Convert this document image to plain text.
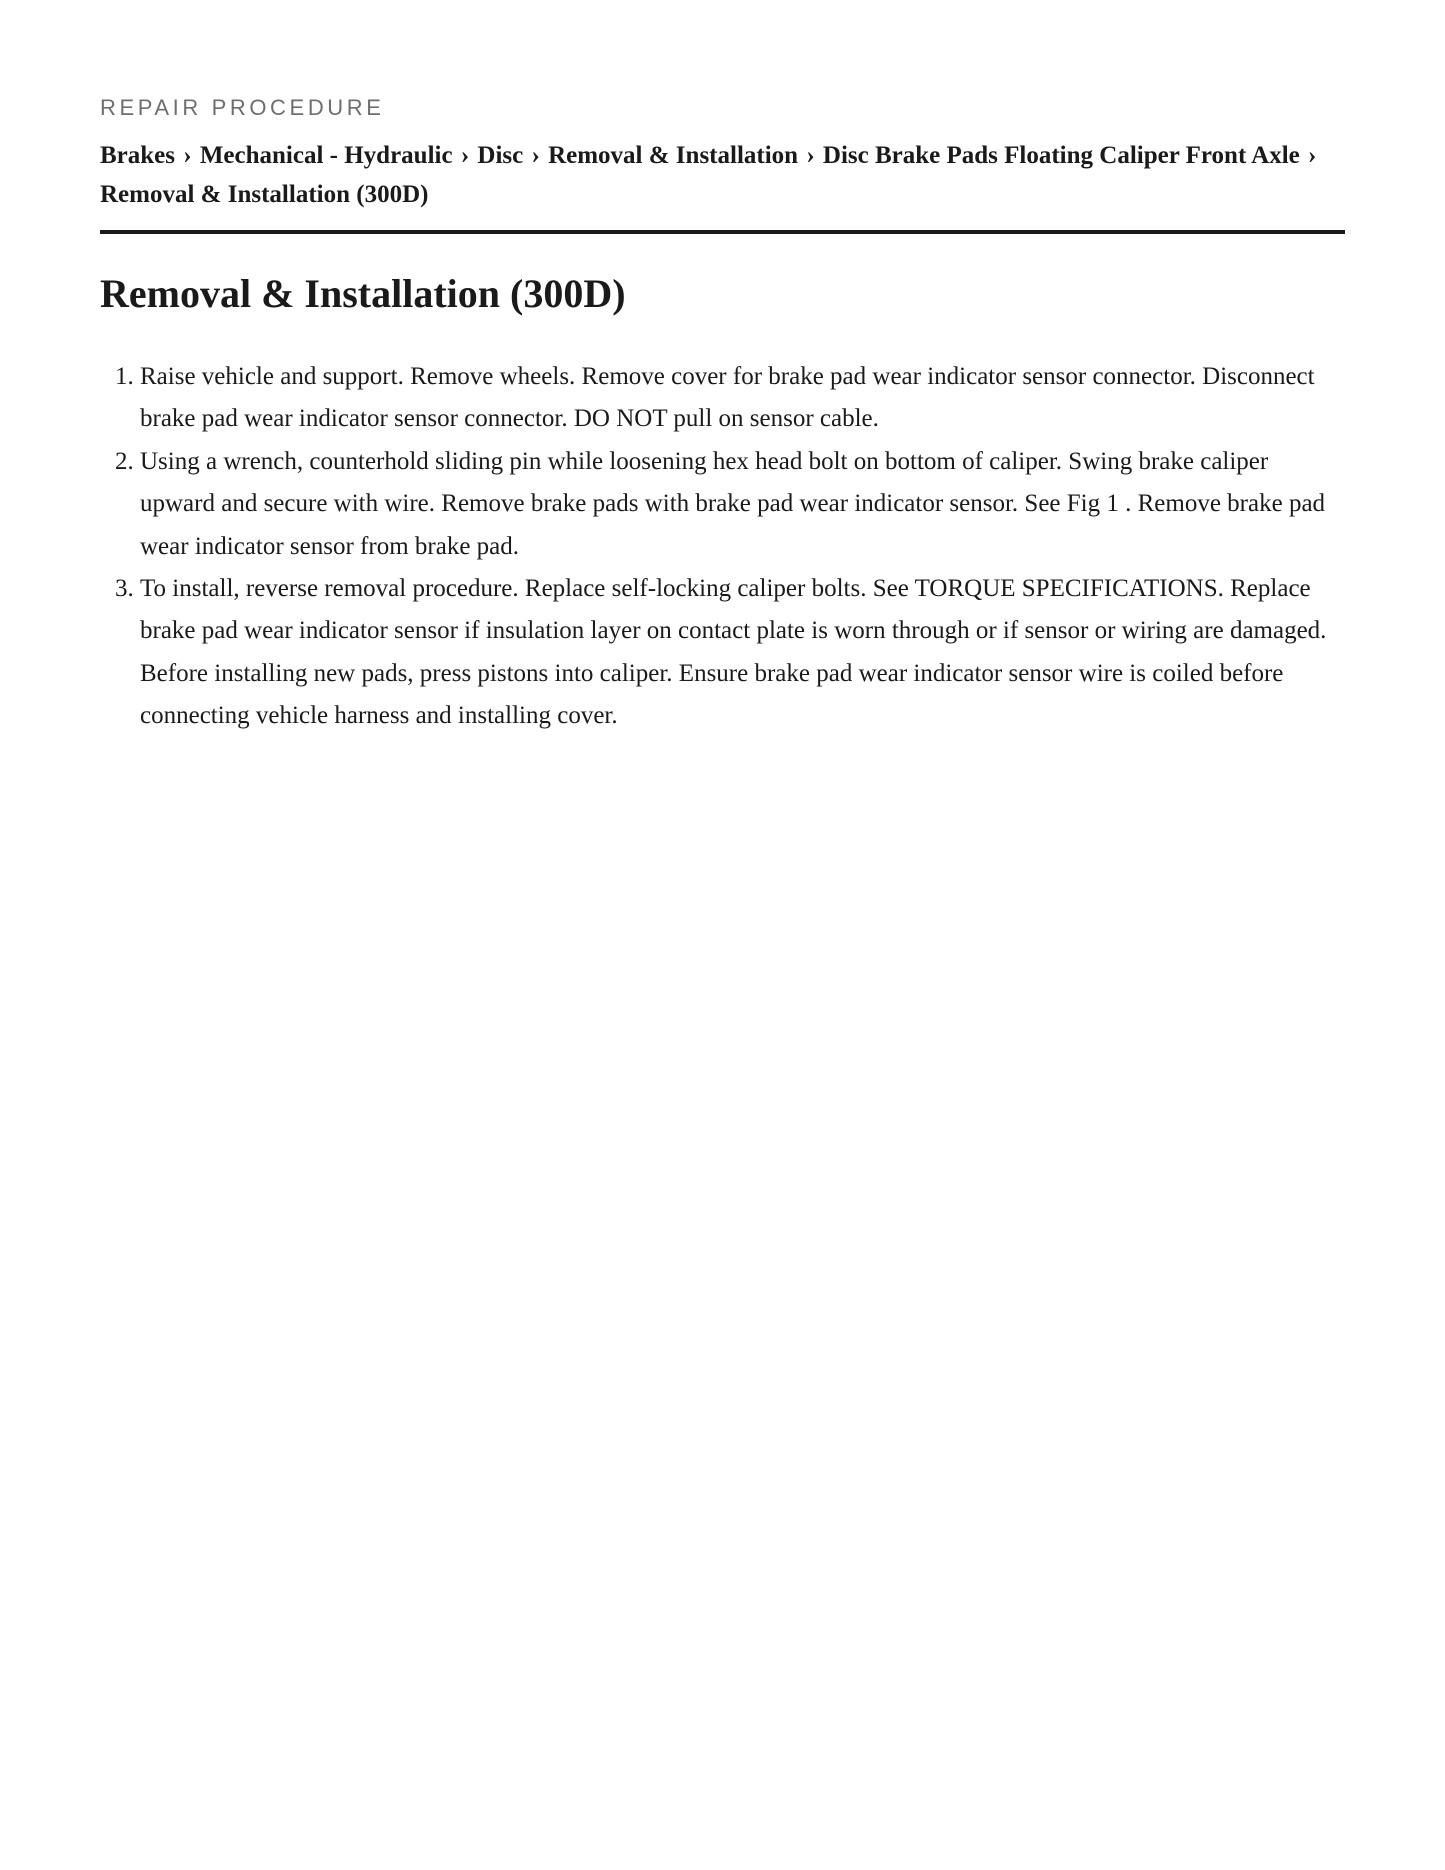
REPAIR PROCEDURE
Brakes › Mechanical - Hydraulic › Disc › Removal & Installation › Disc Brake Pads Floating Caliper Front Axle › Removal & Installation (300D)
Removal & Installation (300D)
1. Raise vehicle and support. Remove wheels. Remove cover for brake pad wear indicator sensor connector. Disconnect brake pad wear indicator sensor connector. DO NOT pull on sensor cable.
2. Using a wrench, counterhold sliding pin while loosening hex head bolt on bottom of caliper. Swing brake caliper upward and secure with wire. Remove brake pads with brake pad wear indicator sensor. See Fig 1 . Remove brake pad wear indicator sensor from brake pad.
3. To install, reverse removal procedure. Replace self-locking caliper bolts. See TORQUE SPECIFICATIONS. Replace brake pad wear indicator sensor if insulation layer on contact plate is worn through or if sensor or wiring are damaged. Before installing new pads, press pistons into caliper. Ensure brake pad wear indicator sensor wire is coiled before connecting vehicle harness and installing cover.
